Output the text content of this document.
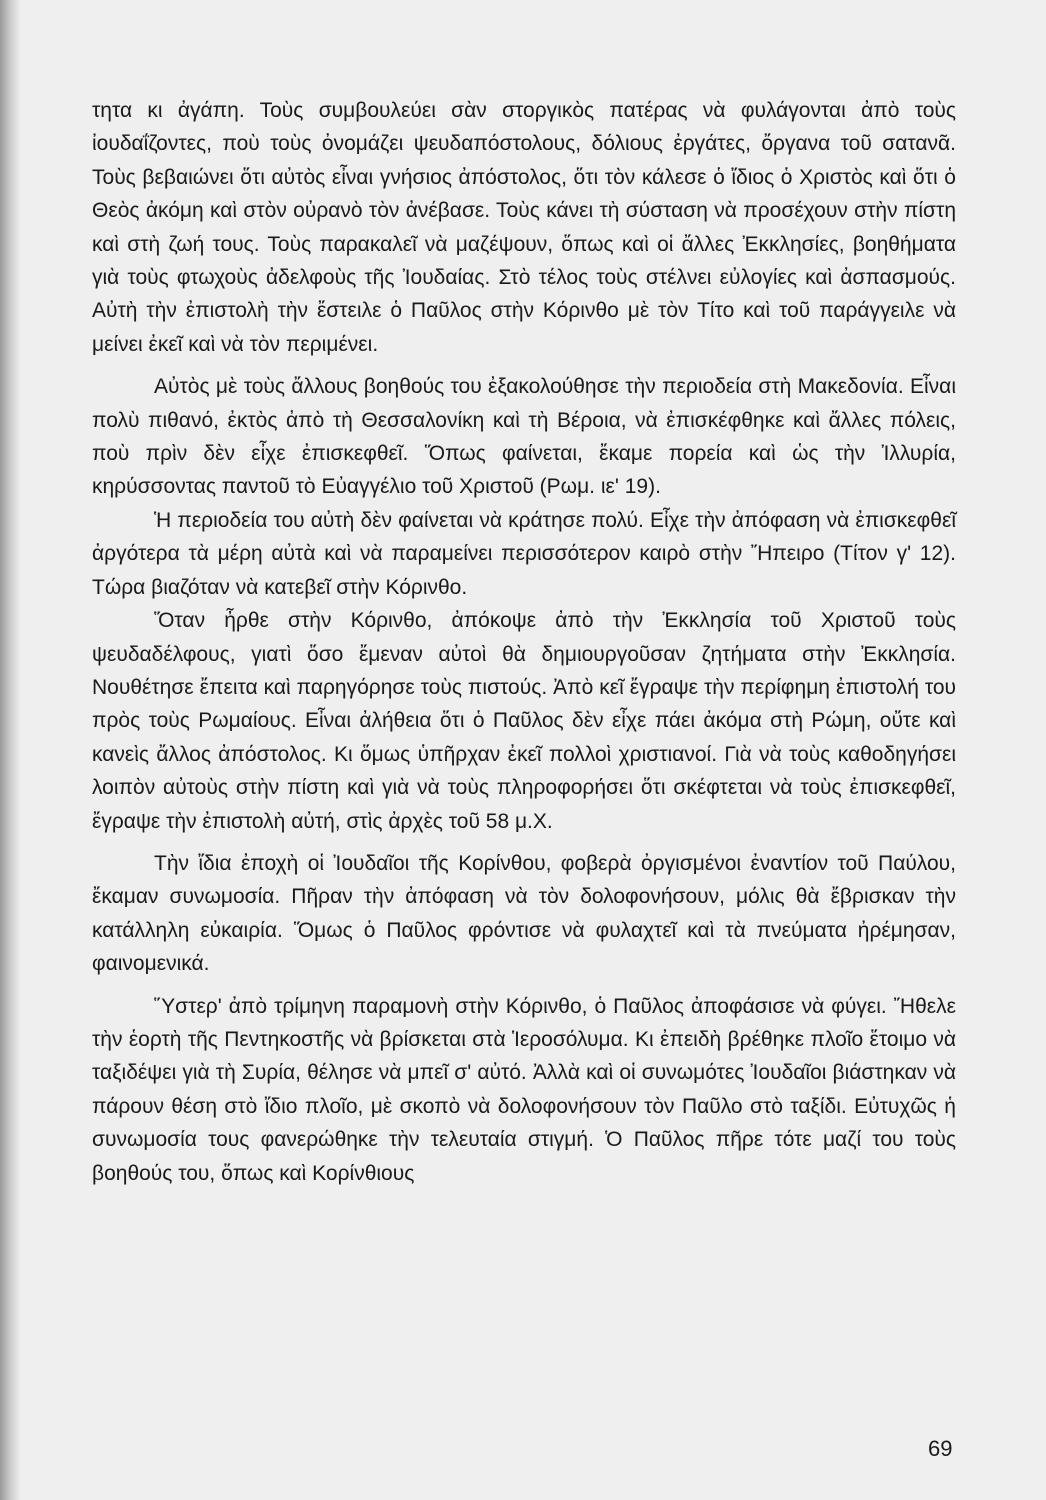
τητα κι ἀγάπη. Τοὺς συμβουλεύει σὰν στοργικὸς πατέρας νὰ φυλάγονται ἀπὸ τοὺς ἰουδαΐζοντες, ποὺ τοὺς ὀνομάζει ψευδαπόστολους, δόλιους ἐργάτες, ὄργανα τοῦ σατανᾶ. Τοὺς βεβαιώνει ὅτι αὐτὸς εἶναι γνήσιος ἀπόστολος, ὅτι τὸν κάλεσε ὁ ἴδιος ὁ Χριστὸς καὶ ὅτι ὁ Θεὸς ἀκόμη καὶ στὸν οὐρανὸ τὸν ἀνέβασε. Τοὺς κάνει τὴ σύσταση νὰ προσέχουν στὴν πίστη καὶ στὴ ζωή τους. Τοὺς παρακαλεῖ νὰ μαζέψουν, ὅπως καὶ οἱ ἄλλες Ἐκκλησίες, βοηθήματα γιὰ τοὺς φτωχοὺς ἀδελφοὺς τῆς Ἰουδαίας. Στὸ τέλος τοὺς στέλνει εὐλογίες καὶ ἀσπασμούς. Αὐτὴ τὴν ἐπιστολὴ τὴν ἔστειλε ὁ Παῦλος στὴν Κόρινθο μὲ τὸν Τίτο καὶ τοῦ παράγγειλε νὰ μείνει ἐκεῖ καὶ νὰ τὸν περιμένει.

Αὐτὸς μὲ τοὺς ἄλλους βοηθούς του ἐξακολούθησε τὴν περιοδεία στὴ Μακεδονία. Εἶναι πολὺ πιθανό, ἐκτὸς ἀπὸ τὴ Θεσσαλονίκη καὶ τὴ Βέροια, νὰ ἐπισκέφθηκε καὶ ἄλλες πόλεις, ποὺ πρὶν δὲν εἶχε ἐπισκεφθεῖ. Ὅπως φαίνεται, ἔκαμε πορεία καὶ ὡς τὴν Ἰλλυρία, κηρύσσοντας παντοῦ τὸ Εὐαγγέλιο τοῦ Χριστοῦ (Ρωμ. ιε' 19).

Ἡ περιοδεία του αὐτὴ δὲν φαίνεται νὰ κράτησε πολύ. Εἶχε τὴν ἀπόφαση νὰ ἐπισκεφθεῖ ἀργότερα τὰ μέρη αὐτὰ καὶ νὰ παραμείνει περισσότερον καιρὸ στὴν Ἤπειρο (Τίτον γ' 12). Τώρα βιαζόταν νὰ κατεβεῖ στὴν Κόρινθο.

Ὅταν ἦρθε στὴν Κόρινθο, ἀπόκοψε ἀπὸ τὴν Ἐκκλησία τοῦ Χριστοῦ τοὺς ψευδαδέλφους, γιατὶ ὅσο ἔμεναν αὐτοὶ θὰ δημιουργοῦσαν ζητήματα στὴν Ἐκκλησία. Νουθέτησε ἔπειτα καὶ παρηγόρησε τοὺς πιστούς. Ἀπὸ κεῖ ἔγραψε τὴν περίφημη ἐπιστολή του πρὸς τοὺς Ρωμαίους. Εἶναι ἀλήθεια ὅτι ὁ Παῦλος δὲν εἶχε πάει ἀκόμα στὴ Ρώμη, οὔτε καὶ κανεὶς ἄλλος ἀπόστολος. Κι ὅμως ὑπῆρχαν ἐκεῖ πολλοὶ χριστιανοί. Γιὰ νὰ τοὺς καθοδηγήσει λοιπὸν αὐτοὺς στὴν πίστη καὶ γιὰ νὰ τοὺς πληροφορήσει ὅτι σκέφτεται νὰ τοὺς ἐπισκεφθεῖ, ἔγραψε τὴν ἐπιστολὴ αὐτή, στὶς ἀρχὲς τοῦ 58 μ.Χ.

Τὴν ἴδια ἐποχὴ οἱ Ἰουδαῖοι τῆς Κορίνθου, φοβερὰ ὀργισμένοι ἐναντίον τοῦ Παύλου, ἔκαμαν συνωμοσία. Πῆραν τὴν ἀπόφαση νὰ τὸν δολοφονήσουν, μόλις θὰ ἔβρισκαν τὴν κατάλληλη εὐκαιρία. Ὅμως ὁ Παῦλος φρόντισε νὰ φυλαχτεῖ καὶ τὰ πνεύματα ἠρέμησαν, φαινομενικά.

Ὕστερ' ἀπὸ τρίμηνη παραμονὴ στὴν Κόρινθο, ὁ Παῦλος ἀποφάσισε νὰ φύγει. Ἤθελε τὴν ἑορτὴ τῆς Πεντηκοστῆς νὰ βρίσκεται στὰ Ἱεροσόλυμα. Κι ἐπειδὴ βρέθηκε πλοῖο ἕτοιμο νὰ ταξιδέψει γιὰ τὴ Συρία, θέλησε νὰ μπεῖ σ' αὐτό. Ἀλλὰ καὶ οἱ συνωμότες Ἰουδαῖοι βιάστηκαν νὰ πάρουν θέση στὸ ἴδιο πλοῖο, μὲ σκοπὸ νὰ δολοφονήσουν τὸν Παῦλο στὸ ταξίδι. Εὐτυχῶς ἡ συνωμοσία τους φανερώθηκε τὴν τελευταία στιγμή. Ὁ Παῦλος πῆρε τότε μαζί του τοὺς βοηθούς του, ὅπως καὶ Κορίνθιους

69
